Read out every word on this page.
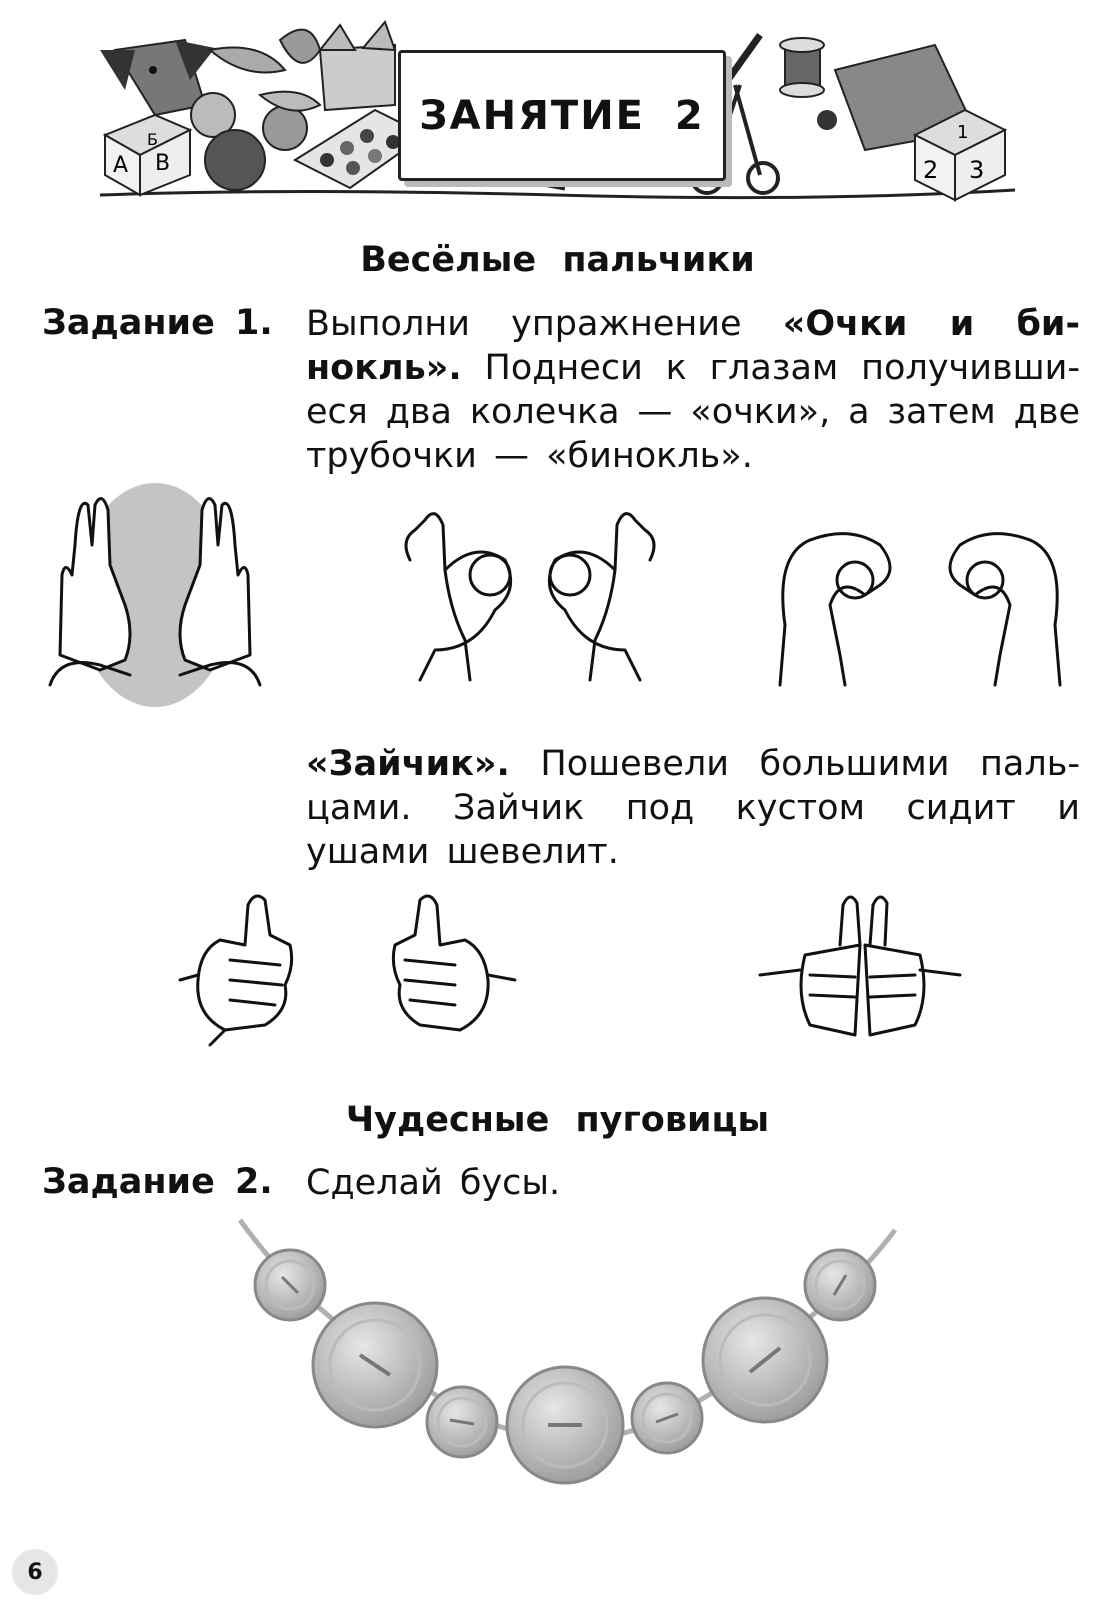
А В
Б	1
2 3
ЗАНЯТИЕ 2
Весёлые пальчики
Задание 1. Выполни упражнение «Очки и би- нокль». Поднеси к глазам получивши-еся два колечка — «очки», а затем две трубочки — «бинокль».
«Зайчик». Пошевели большими паль-цами. Зайчик под кустом сидит и ушами шевелит.
Чудесные пуговицы
Задание 2. Сделай бусы.
6
